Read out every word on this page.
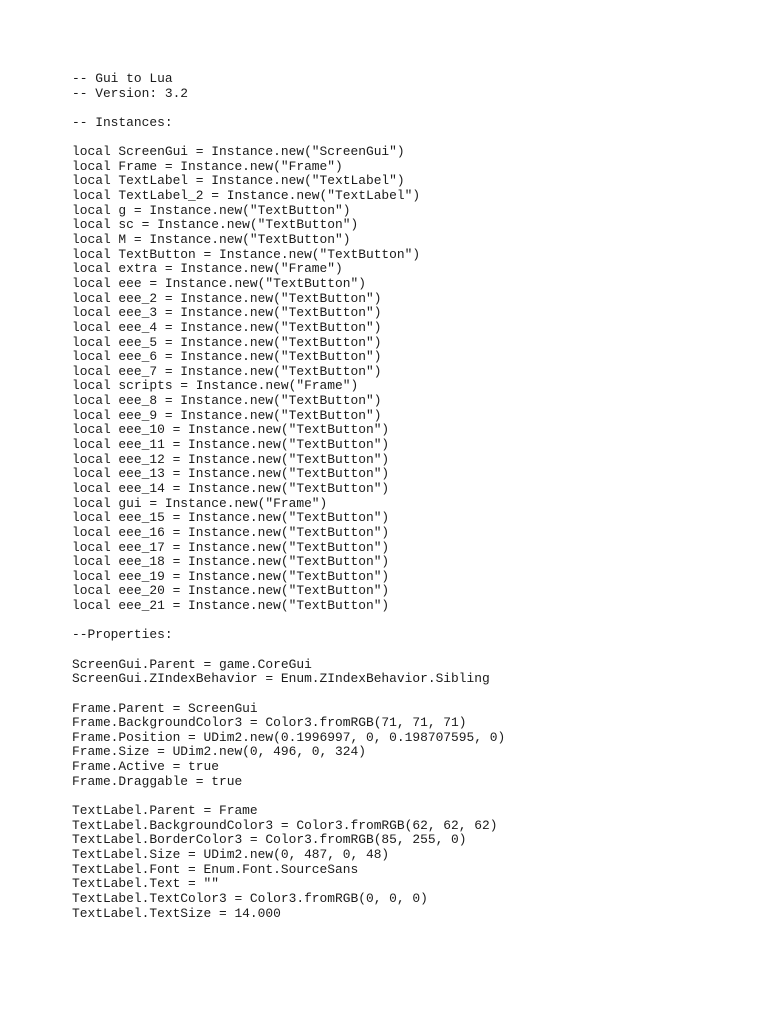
-- Gui to Lua
-- Version: 3.2
-- Instances:
local ScreenGui = Instance.new("ScreenGui")
local Frame = Instance.new("Frame")
local TextLabel = Instance.new("TextLabel")
local TextLabel_2 = Instance.new("TextLabel")
local g = Instance.new("TextButton")
local sc = Instance.new("TextButton")
local M = Instance.new("TextButton")
local TextButton = Instance.new("TextButton")
local extra = Instance.new("Frame")
local eee = Instance.new("TextButton")
local eee_2 = Instance.new("TextButton")
local eee_3 = Instance.new("TextButton")
local eee_4 = Instance.new("TextButton")
local eee_5 = Instance.new("TextButton")
local eee_6 = Instance.new("TextButton")
local eee_7 = Instance.new("TextButton")
local scripts = Instance.new("Frame")
local eee_8 = Instance.new("TextButton")
local eee_9 = Instance.new("TextButton")
local eee_10 = Instance.new("TextButton")
local eee_11 = Instance.new("TextButton")
local eee_12 = Instance.new("TextButton")
local eee_13 = Instance.new("TextButton")
local eee_14 = Instance.new("TextButton")
local gui = Instance.new("Frame")
local eee_15 = Instance.new("TextButton")
local eee_16 = Instance.new("TextButton")
local eee_17 = Instance.new("TextButton")
local eee_18 = Instance.new("TextButton")
local eee_19 = Instance.new("TextButton")
local eee_20 = Instance.new("TextButton")
local eee_21 = Instance.new("TextButton")
--Properties:
ScreenGui.Parent = game.CoreGui
ScreenGui.ZIndexBehavior = Enum.ZIndexBehavior.Sibling
Frame.Parent = ScreenGui
Frame.BackgroundColor3 = Color3.fromRGB(71, 71, 71)
Frame.Position = UDim2.new(0.1996997, 0, 0.198707595, 0)
Frame.Size = UDim2.new(0, 496, 0, 324)
Frame.Active = true
Frame.Draggable = true
TextLabel.Parent = Frame
TextLabel.BackgroundColor3 = Color3.fromRGB(62, 62, 62)
TextLabel.BorderColor3 = Color3.fromRGB(85, 255, 0)
TextLabel.Size = UDim2.new(0, 487, 0, 48)
TextLabel.Font = Enum.Font.SourceSans
TextLabel.Text = ""
TextLabel.TextColor3 = Color3.fromRGB(0, 0, 0)
TextLabel.TextSize = 14.000
